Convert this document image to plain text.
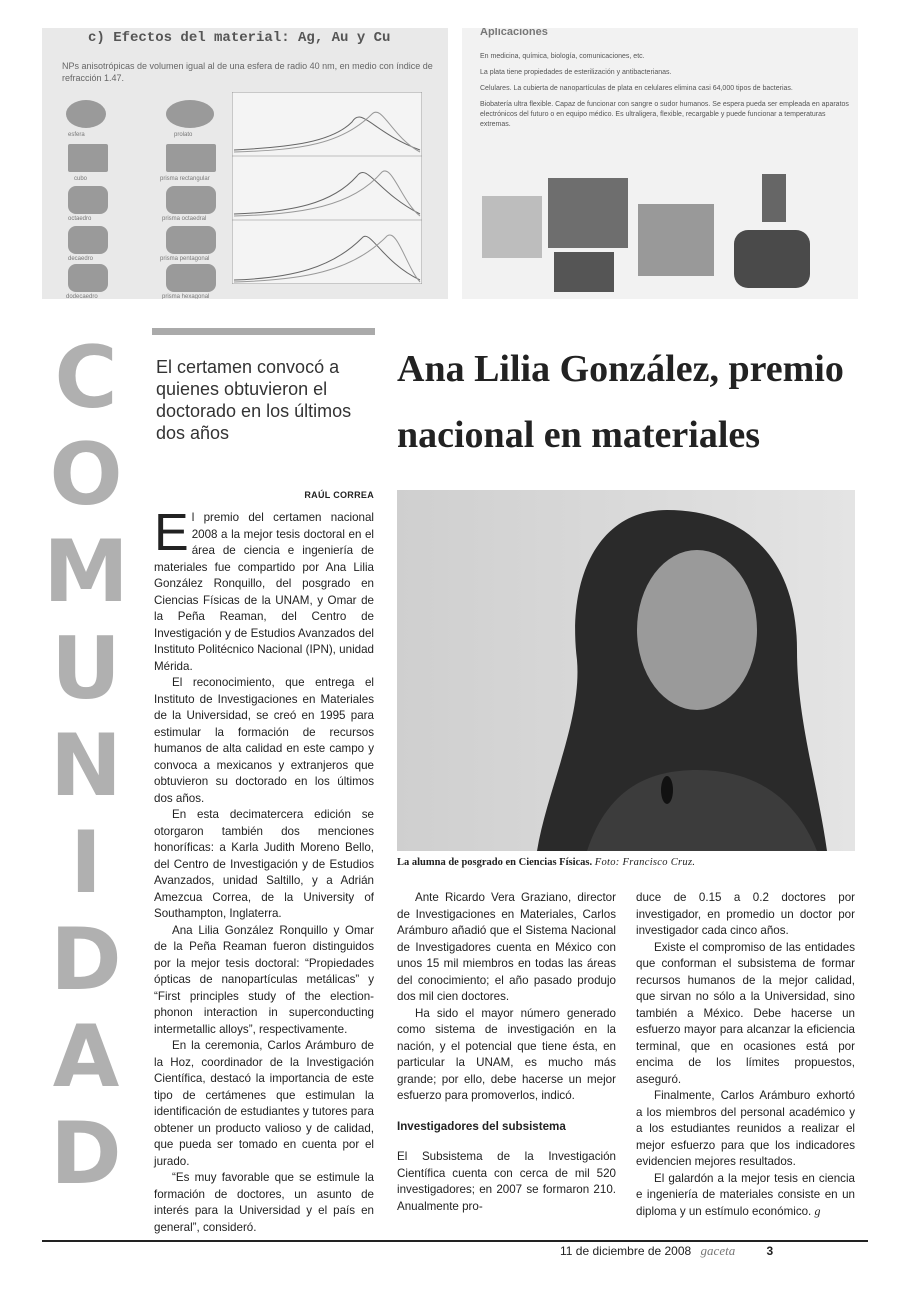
c) Efectos del material: Ag, Au y Cu
NPs anisotrópicas de volumen igual al de una esfera de radio 40 nm, en medio con índice de refracción 1.47.
esfera	prolato
cubo	prisma rectangular
octaedro	prisma octaedral
decaedro	prisma pentagonal
dodecaedro	prisma hexagonal
Aplicaciones

En medicina, química, biología, comunicaciones, etc.

La plata tiene propiedades de esterilización y antibacterianas.

Celulares. La cubierta de nanopartículas de plata en celulares elimina casi 64,000 tipos de bacterias.

Biobatería ultra flexible. Capaz de funcionar con sangre o sudor humanos. Se espera pueda ser empleada en aparatos electrónicos del futuro o en equipo médico. Es ultraligera, flexible, recargable y puede funcionar a temperaturas extremas.

C
O
M
U
N
I
D
A
D
El certamen convocó a quienes obtuvieron el doctorado en los últimos dos años
Ana Lilia González, premio nacional en materiales
RAÚL CORREA

El premio del certamen nacional 2008 a la mejor tesis doctoral en el área de ciencia e ingeniería de materiales fue compartido por Ana Lilia González Ronquillo, del posgrado en Ciencias Físicas de la UNAM, y Omar de la Peña Reaman, del Centro de Investigación y de Estudios Avanzados del Instituto Politécnico Nacional (IPN), unidad Mérida.

El reconocimiento, que entrega el Instituto de Investigaciones en Materiales de la Universidad, se creó en 1995 para estimular la formación de recursos humanos de alta calidad en este campo y convoca a mexicanos y extranjeros que obtuvieron su doctorado en los últimos dos años.

En esta decimatercera edición se otorgaron también dos menciones honoríficas: a Karla Judith Moreno Bello, del Centro de Investigación y de Estudios Avanzados, unidad Saltillo, y a Adrián Amezcua Correa, de la University of Southampton, Inglaterra.

Ana Lilia González Ronquillo y Omar de la Peña Reaman fueron distinguidos por la mejor tesis doctoral: “Propiedades ópticas de nanopartículas metálicas” y “First principles study of the election-phonon interaction in superconducting intermetallic alloys”, respectivamente.

En la ceremonia, Carlos Arámburo de la Hoz, coordinador de la Investigación Científica, destacó la importancia de este tipo de certámenes que estimulan la identificación de estudiantes y tutores para obtener un producto valioso y de calidad, que pueda ser tomado en cuenta por el jurado.

“Es muy favorable que se estimule la formación de doctores, un asunto de interés para la Universidad y el país en general”, consideró.

La alumna de posgrado en Ciencias Físicas. Foto: Francisco Cruz.

Ante Ricardo Vera Graziano, director de Investigaciones en Materiales, Carlos Arámburo añadió que el Sistema Nacional de Investigadores cuenta en México con unos 15 mil miembros en todas las áreas del conocimiento; el año pasado produjo dos mil cien doctores.

Ha sido el mayor número generado como sistema de investigación en la nación, y el potencial que tiene ésta, en particular la UNAM, es mucho más grande; por ello, debe hacerse un mejor esfuerzo para promoverlos, indicó.

Investigadores del subsistema

El Subsistema de la Investigación Científica cuenta con cerca de mil 520 investigadores; en 2007 se formaron 210. Anualmente pro-

duce de 0.15 a 0.2 doctores por investigador, en promedio un doctor por investigador cada cinco años.

Existe el compromiso de las entidades que conforman el subsistema de formar recursos humanos de la mejor calidad, que sirvan no sólo a la Universidad, sino también a México. Debe hacerse un esfuerzo mayor para alcanzar la eficiencia terminal, que en ocasiones está por encima de los límites propuestos, aseguró.

Finalmente, Carlos Arámburo exhortó a los miembros del personal académico y a los estudiantes reunidos a realizar el mejor esfuerzo para que los indicadores evidencien mejores resultados.

El galardón a la mejor tesis en ciencia e ingeniería de materiales consiste en un diploma y un estímulo económico. g

11 de diciembre de 2008 gaceta	3
